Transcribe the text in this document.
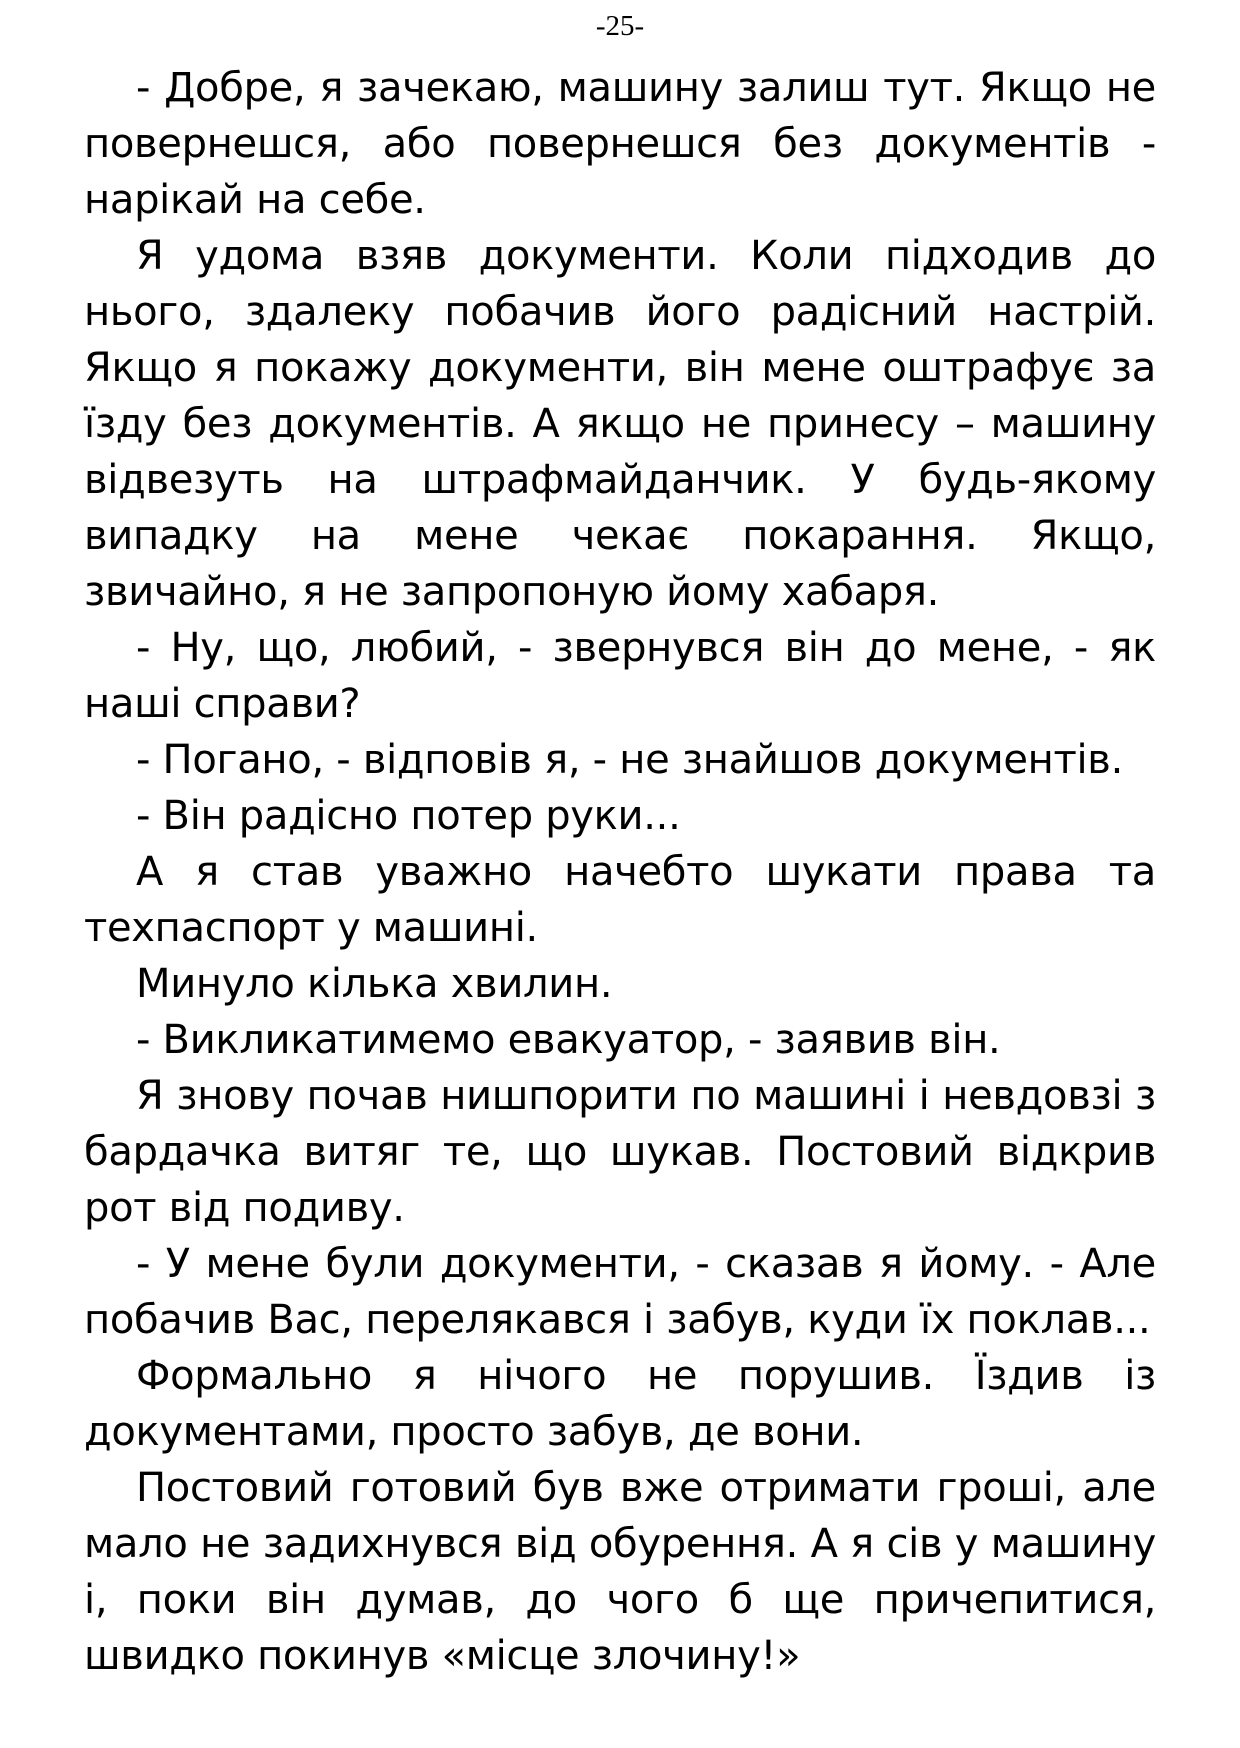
-25-

- Добре, я зачекаю, машину залиш тут. Якщо не повернешся, або повернешся без документів - нарікай на себе.

Я удома взяв документи. Коли підходив до нього, здалеку побачив його радісний настрій. Якщо я покажу документи, він мене оштрафує за їзду без документів. А якщо не принесу – машину відвезуть на штрафмайданчик. У будь-якому випадку на мене чекає покарання. Якщо, звичайно, я не запропоную йому хабаря.

- Ну, що, любий, - звернувся він до мене, - як наші справи?

- Погано, - відповів я, - не знайшов документів.

- Він радісно потер руки...

А я став уважно начебто шукати права та техпаспорт у машині.

Минуло кілька хвилин.

- Викликатимемо евакуатор, - заявив він.

Я знову почав нишпорити по машині і невдовзі з бардачка витяг те, що шукав. Постовий відкрив рот від подиву.

- У мене були документи, - сказав я йому. - Але побачив Вас, перелякався і забув, куди їх поклав...

Формально я нічого не порушив. Їздив із документами, просто забув, де вони.

Постовий готовий був вже отримати гроші, але мало не задихнувся від обурення. А я сів у машину і, поки він думав, до чого б ще причепитися, швидко покинув «місце злочину!»
